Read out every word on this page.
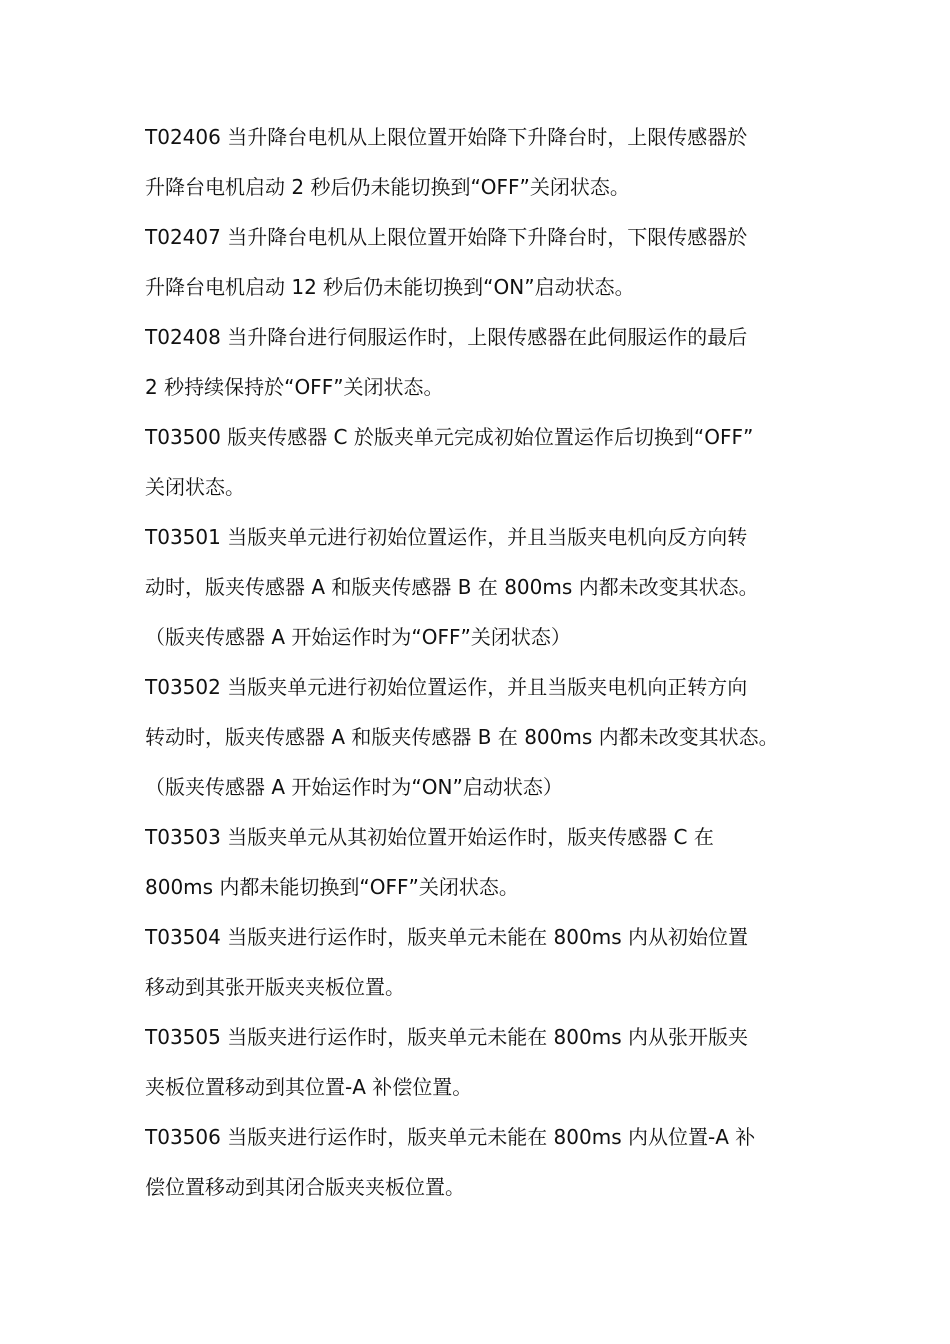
T02406 当升降台电机从上限位置开始降下升降台时，上限传感器於
升降台电机启动 2 秒后仍未能切换到“OFF”关闭状态。
T02407 当升降台电机从上限位置开始降下升降台时，下限传感器於
升降台电机启动 12 秒后仍未能切换到“ON”启动状态。
T02408 当升降台进行伺服运作时，上限传感器在此伺服运作的最后
2 秒持续保持於“OFF”关闭状态。
T03500 版夹传感器 C 於版夹单元完成初始位置运作后切换到“OFF”
关闭状态。
T03501 当版夹单元进行初始位置运作，并且当版夹电机向反方向转
动时，版夹传感器 A 和版夹传感器 B 在 800ms 内都未改变其状态。
（版夹传感器 A 开始运作时为“OFF”关闭状态）
T03502 当版夹单元进行初始位置运作，并且当版夹电机向正转方向
转动时，版夹传感器 A 和版夹传感器 B 在 800ms 内都未改变其状态。
（版夹传感器 A 开始运作时为“ON”启动状态）
T03503 当版夹单元从其初始位置开始运作时，版夹传感器 C 在
800ms 内都未能切换到“OFF”关闭状态。
T03504 当版夹进行运作时，版夹单元未能在 800ms 内从初始位置
移动到其张开版夹夹板位置。
T03505 当版夹进行运作时，版夹单元未能在 800ms 内从张开版夹
夹板位置移动到其位置-A 补偿位置。
T03506 当版夹进行运作时，版夹单元未能在 800ms 内从位置-A 补
偿位置移动到其闭合版夹夹板位置。
